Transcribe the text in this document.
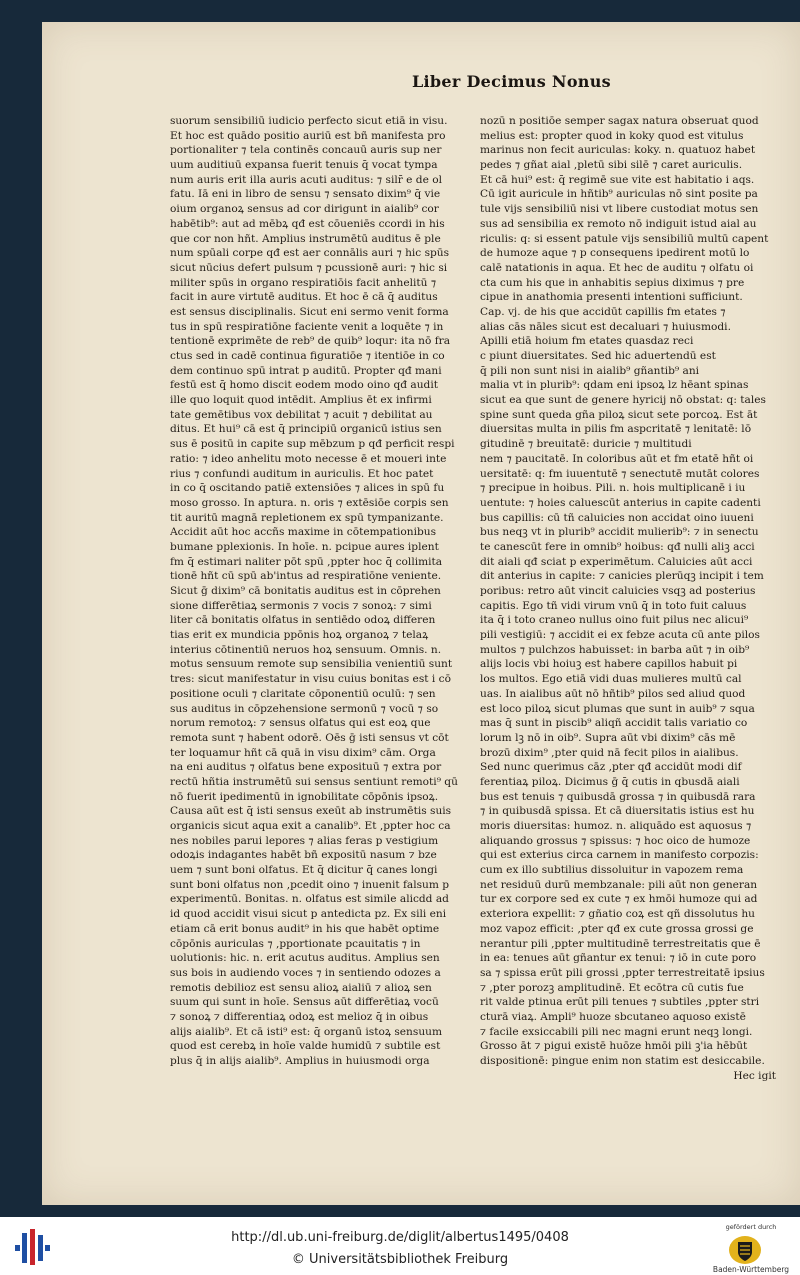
Liber Decimus Nonus
suorum sensibiliū iudicio perfecto sicut etiā in visu.
Et hoc est quādo positio auriū est bñ manifesta pro
portionaliter ⁊ tela continēs concauū auris sup ner
uum auditiuū expansa fuerit tenuis q̄ vocat tympa
num auris erit illa auris acuti auditus: ⁊ silr̄ e de ol
fatu. Iā eni in libro de sensu ⁊ sensato dixim⁹ q̄ vie
oium organoꝝ sensus ad cor dirigunt in aialib⁹ cor
habētib⁹: aut ad mēbꝝ qđ est cōueniēs ccordi in his
que cor non hñt. Amplius instrumētū auditus ē ple
num spūali corpe qđ est aer connālis auri ⁊ hic spūs
sicut nūcius defert pulsum ⁊ pcussionē auri: ⁊ hic si
militer spūs in organo respiratiōis facit anhelitū ⁊
facit in aure virtutē auditus. Et hoc ē cā q̄ auditus
est sensus disciplinalis. Sicut eni sermo venit forma
tus in spū respiratiōne faciente venit a loquēte ⁊ in
tentionē exprimēte de reb⁹ de quib⁹ loqur: ita nō fra
ctus sed in cadē continua figuratiōe ⁊ itentiōe in co
dem continuo spū intrat p auditū. Propter qđ mani
festū est q̄ homo discit eodem modo oino qđ audit
ille quo loquit quod intēdit. Amplius ēt ex infirmi
tate gemētibus vox debilitat ⁊ acuit ⁊ debilitat au
ditus. Et hui⁹ cā est q̄ principiū organicū istius sen
sus ē positū in capite sup mēbzum p qđ perficit respi
ratio: ⁊ ideo anhelitu moto necesse ē et moueri inte
rius ⁊ confundi auditum in auriculis. Et hoc patet
in co q̄ oscitando patiē extensiōes ⁊ alices in spū fu
moso grosso. In aptura. n. oris ⁊ extēsiōe corpis sen
tit auritū magnā repletionem ex spū tympanizante.
Accidit aūt hoc accñs maxime in cōtempationibus
bumane pplexionis. In hoīe. n. pcipue aures iplent
fm q̄ estimari naliter pōt spū ,ppter hoc q̄ collimita
tionē hñt cū spū ab'intus ad respiratiōne veniente.
Sicut ḡ dixim⁹ cā bonitatis auditus est in cōprehen
sione differētiaꝝ sermonis ⁊ vocis ⁊ sonoꝝ: ⁊ simi
liter cā bonitatis olfatus in sentiēdo odoꝝ differen
tias erit ex mundicia ppōnis hoꝝ organoꝝ ⁊ telaꝝ
interius cōtinentiū neruos hoꝝ sensuum. Omnis. n.
motus sensuum remote sup sensibilia venientiū sunt
tres: sicut manifestatur in visu cuius bonitas est i cō
positione oculi ⁊ claritate cōponentiū oculū: ⁊ sen
sus auditus in cōpzehensione sermonū ⁊ vocū ⁊ so
norum remotoꝝ: ⁊ sensus olfatus qui est eoꝝ que
remota sunt ⁊ habent odorē. Oēs ḡ isti sensus vt cōt
ter loquamur hñt cā quā in visu dixim⁹ cām. Orga
na eni auditus ⁊ olfatus bene exposituū ⁊ extra por
rectū hñtia instrumētū sui sensus sentiunt remoti⁹ qū
nō fuerit ipedimentū in ignobilitate cōpōnis ipsoꝝ.
Causa aūt est q̄ isti sensus exeūt ab instrumētis suis
organicis sicut aqua exit a canalib⁹. Et ,ppter hoc ca
nes nobiles parui lepores ⁊ alias feras p vestigium
odoꝝis indagantes habēt bñ expositū nasum ⁊ bze
uem ⁊ sunt boni olfatus. Et q̄ dicitur q̄ canes longi
sunt boni olfatus non ,pcedit oino ⁊ inuenit falsum p
experimentū. Bonitas. n. olfatus est simile alicdd ad
id quod accidit visui sicut p antedicta pz. Ex sili eni
etiam cā erit bonus audit⁹ in his que habēt optime
cōpōnis auriculas ⁊ ,pportionate pcauitatis ⁊ in
uolutionis: hic. n. erit acutus auditus. Amplius sen
sus bois in audiendo voces ⁊ in sentiendo odozes a
remotis debilioz est sensu alioꝝ aialiū ⁊ alioꝝ sen
suum qui sunt in hoīe. Sensus aūt differētiaꝝ vocū
⁊ sonoꝝ ⁊ differentiaꝝ odoꝝ est melioz q̄ in oibus
alijs aialib⁹. Et cā isti⁹ est: q̄ organū istoꝝ sensuum
quod est cerebꝝ in hoīe valde humidū ⁊ subtile est
plus q̄ in alijs aialib⁹. Amplius in huiusmodi orga
nozū n positiōe semper sagax natura obseruat quod
melius est: propter quod in koky quod est vitulus
marinus non fecit auriculas: koky. n. quatuoz habet
pedes ⁊ gñat aial ,pletū sibi silē ⁊ caret auriculis.
Et cā hui⁹ est: q̄ regimē sue vite est habitatio i aqs.
Cū igit auricule in hñtib⁹ auriculas nō sint posite pa
tule vijs sensibiliū nisi vt libere custodiat motus sen
sus ad sensibilia ex remoto nō indiguit istud aial au
riculis: q: si essent patule vijs sensibiliū multū capent
de humoze aque ⁊ p consequens ipedirent motū lo
calē natationis in aqua. Et hec de auditu ⁊ olfatu oi
cta cum his que in anhabitis sepius diximus ⁊ pre
cipue in anathomia presenti intentioni sufficiunt.
Cap. vj. de his que accidūt capillis fm etates ⁊
alias cās nāles sicut est decaluari ⁊ huiusmodi.
Apilli etiā hoium fm etates quasdaz reci
c piunt diuersitates. Sed hic aduertendū est
q̄ pili non sunt nisi in aialib⁹ gñantib⁹ ani
malia vt in plurib⁹: qdam eni ipsoꝝ lz hēant spinas
sicut ea que sunt de genere hyricij nō obstat: q: tales
spine sunt queda gña piloꝝ sicut sete porcoꝝ. Est āt
diuersitas multa in pilis fm aspcritatē ⁊ lenitatē: lō
gitudinē ⁊ breuitatē: duricie ⁊ multitudi
nem ⁊ paucitatē. In coloribus aūt et fm etatē hñt oi
uersitatē: q: fm iuuentutē ⁊ senectutē mutāt colores
⁊ precipue in hoibus. Pili. n. hois multiplicanē i iu
uentute: ⁊ hoies caluescūt anterius in capite cadenti
bus capillis: cū tñ caluicies non accidat oino iuueni
bus neqꝫ vt in plurib⁹ accidit mulierib⁹: ⁊ in senectu
te canescūt fere in omnib⁹ hoibus: qđ nulli aliꝫ acci
dit aiali qđ sciat p experimētum. Caluicies aūt acci
dit anterius in capite: ⁊ canicies plerūqꝫ incipit i tem
poribus: retro aūt vincit caluicies vsqꝫ ad posterius
capitis. Ego tñ vidi virum vnū q̄ in toto fuit caluus
ita q̄ i toto craneo nullus oino fuit pilus nec alicui⁹
pili vestigiū: ⁊ accidit ei ex febze acuta cū ante pilos
multos ⁊ pulchzos habuisset: in barba aūt ⁊ in oib⁹
alijs locis vbi hoiuꝫ est habere capillos habuit pi
los multos. Ego etiā vidi duas mulieres multū cal
uas. In aialibus aūt nō hñtib⁹ pilos sed aliud quod
est loco piloꝝ sicut plumas que sunt in auib⁹ ⁊ squa
mas q̄ sunt in piscib⁹ aliqñ accidit talis variatio co
lorum lꝫ nō in oib⁹. Supra aūt vbi dixim⁹ cās mē
brozū dixim⁹ ,pter quid nā fecit pilos in aialibus.
Sed nunc querimus cāz ,pter qđ accidūt modi dif
ferentiaꝝ piloꝝ. Dicimus ḡ q̄ cutis in qbusdā aiali
bus est tenuis ⁊ quibusdā grossa ⁊ in quibusdā rara
⁊ in quibusdā spissa. Et cā diuersitatis istius est hu
moris diuersitas: humoz. n. aliquādo est aquosus ⁊
aliquando grossus ⁊ spissus: ⁊ hoc oico de humoze
qui est exterius circa carnem in manifesto corpozis:
cum ex illo subtilius dissoluitur in vapozem rema
net residuū durū membzanale: pili aūt non generan
tur ex corpore sed ex cute ⁊ ex hmōi humoze qui ad
exteriora expellit: ⁊ gñatio coꝝ est qñ dissolutus hu
moz vapoz efficit: ,pter qđ ex cute grossa grossi ge
nerantur pili ,ppter multitudinē terrestreitatis que ē
in ea: tenues aūt gñantur ex tenui: ⁊ iō in cute poro
sa ⁊ spissa erūt pili grossi ,ppter terrestreitatē ipsius
⁊ ,pter porozꝫ amplitudinē. Et ecōtra cū cutis fue
rit valde ptinua erūt pili tenues ⁊ subtiles ,ppter stri
cturā viaꝝ. Ampli⁹ huoze sbcutaneo aquoso existē
⁊ facile exsiccabili pili nec magni erunt neqꝫ longi.
Grosso āt ⁊ pigui existē huōze hmōi pili ꝫ'ia hēbūt
dispositionē: pingue enim non statim est desiccabile.
Hec igit
http://dl.ub.uni-freiburg.de/diglit/albertus1495/0408
© Universitätsbibliothek Freiburg
gefördert durch
Baden-Württemberg
